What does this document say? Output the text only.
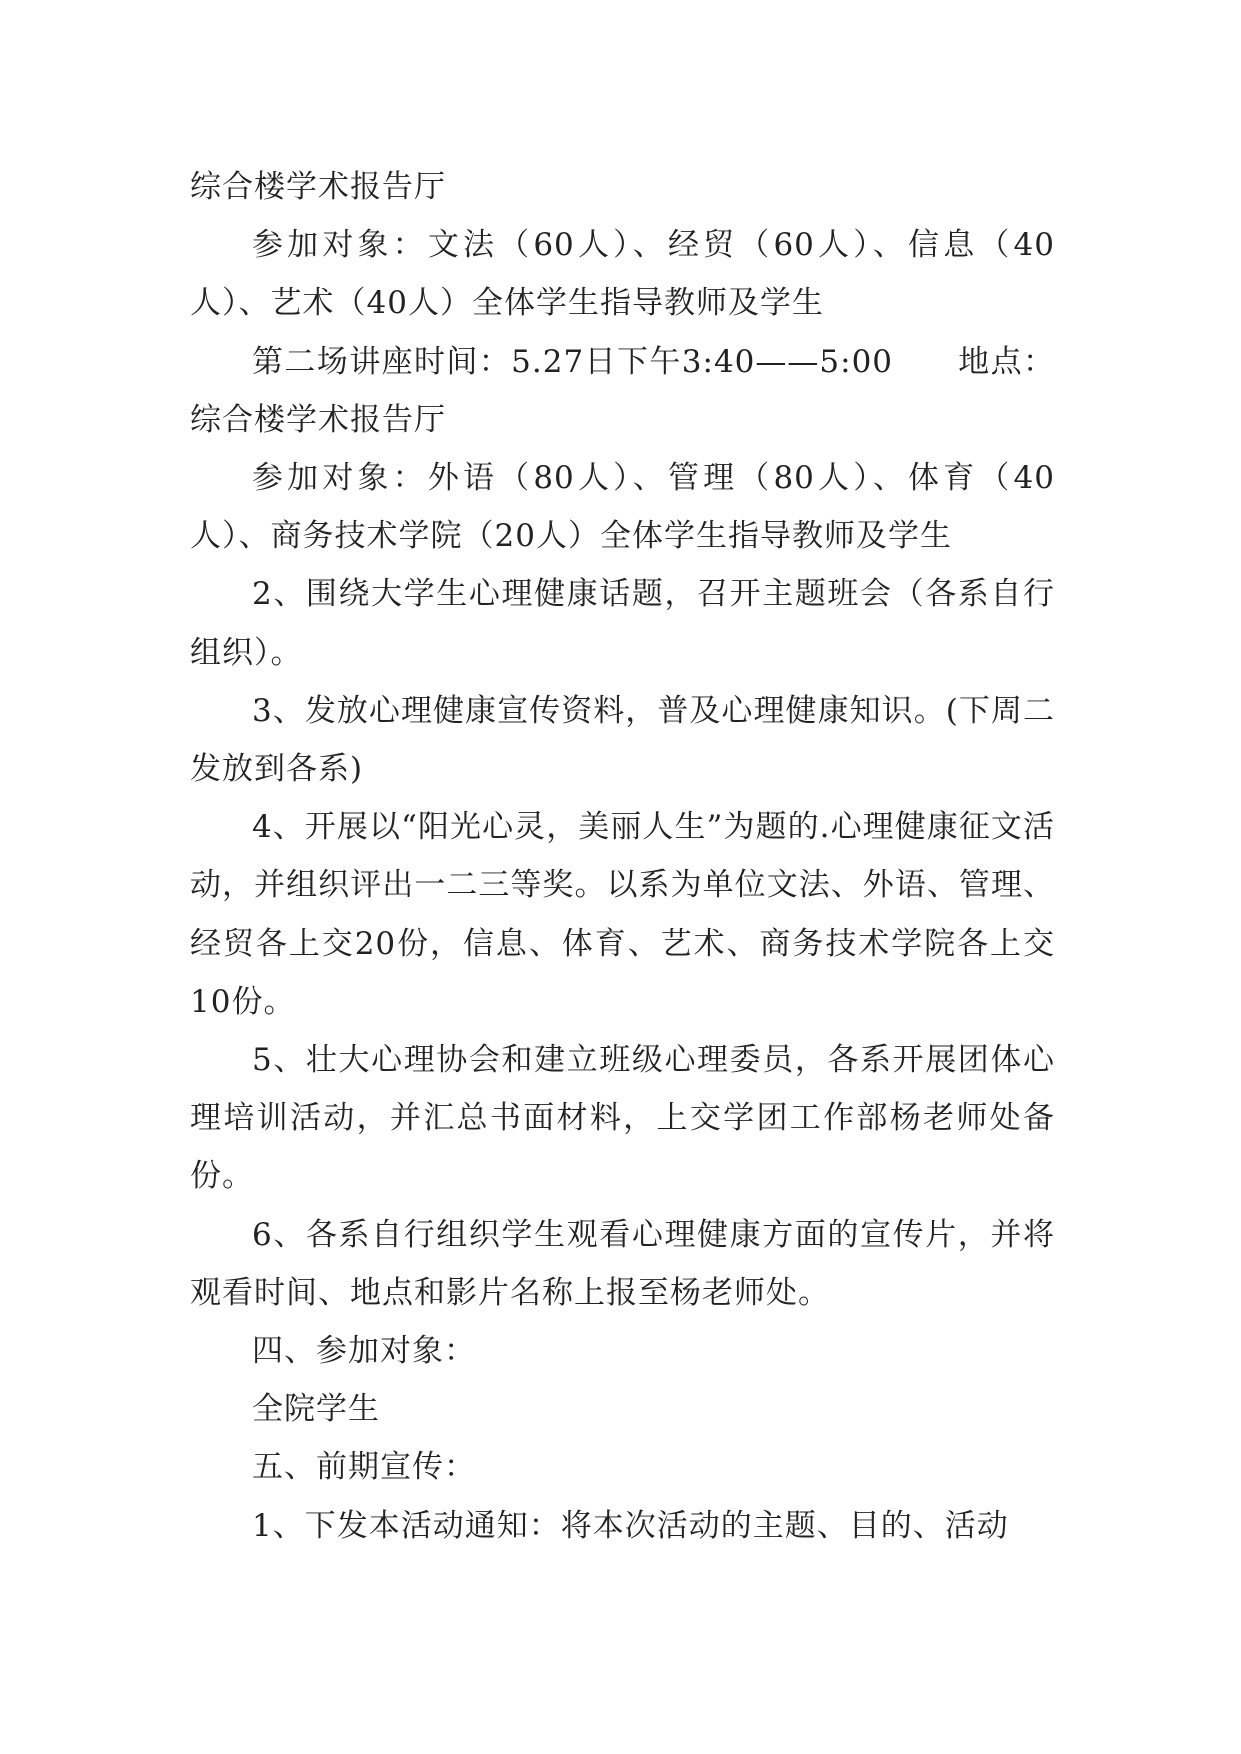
综合楼学术报告厅

参加对象：文法（60人）、经贸（60人）、信息（40人）、艺术（40人）全体学生指导教师及学生

第二场讲座时间：5.27日下午3:40——5:00　　地点：综合楼学术报告厅

参加对象：外语（80人）、管理（80人）、体育（40人）、商务技术学院（20人）全体学生指导教师及学生

2、围绕大学生心理健康话题，召开主题班会（各系自行组织）。

3、发放心理健康宣传资料，普及心理健康知识。(下周二发放到各系)

4、开展以“阳光心灵，美丽人生”为题的.心理健康征文活动，并组织评出一二三等奖。以系为单位文法、外语、管理、经贸各上交20份，信息、体育、艺术、商务技术学院各上交10份。

5、壮大心理协会和建立班级心理委员，各系开展团体心理培训活动，并汇总书面材料，上交学团工作部杨老师处备份。

6、各系自行组织学生观看心理健康方面的宣传片，并将观看时间、地点和影片名称上报至杨老师处。

四、参加对象：

全院学生

五、前期宣传：

1、下发本活动通知：将本次活动的主题、目的、活动
